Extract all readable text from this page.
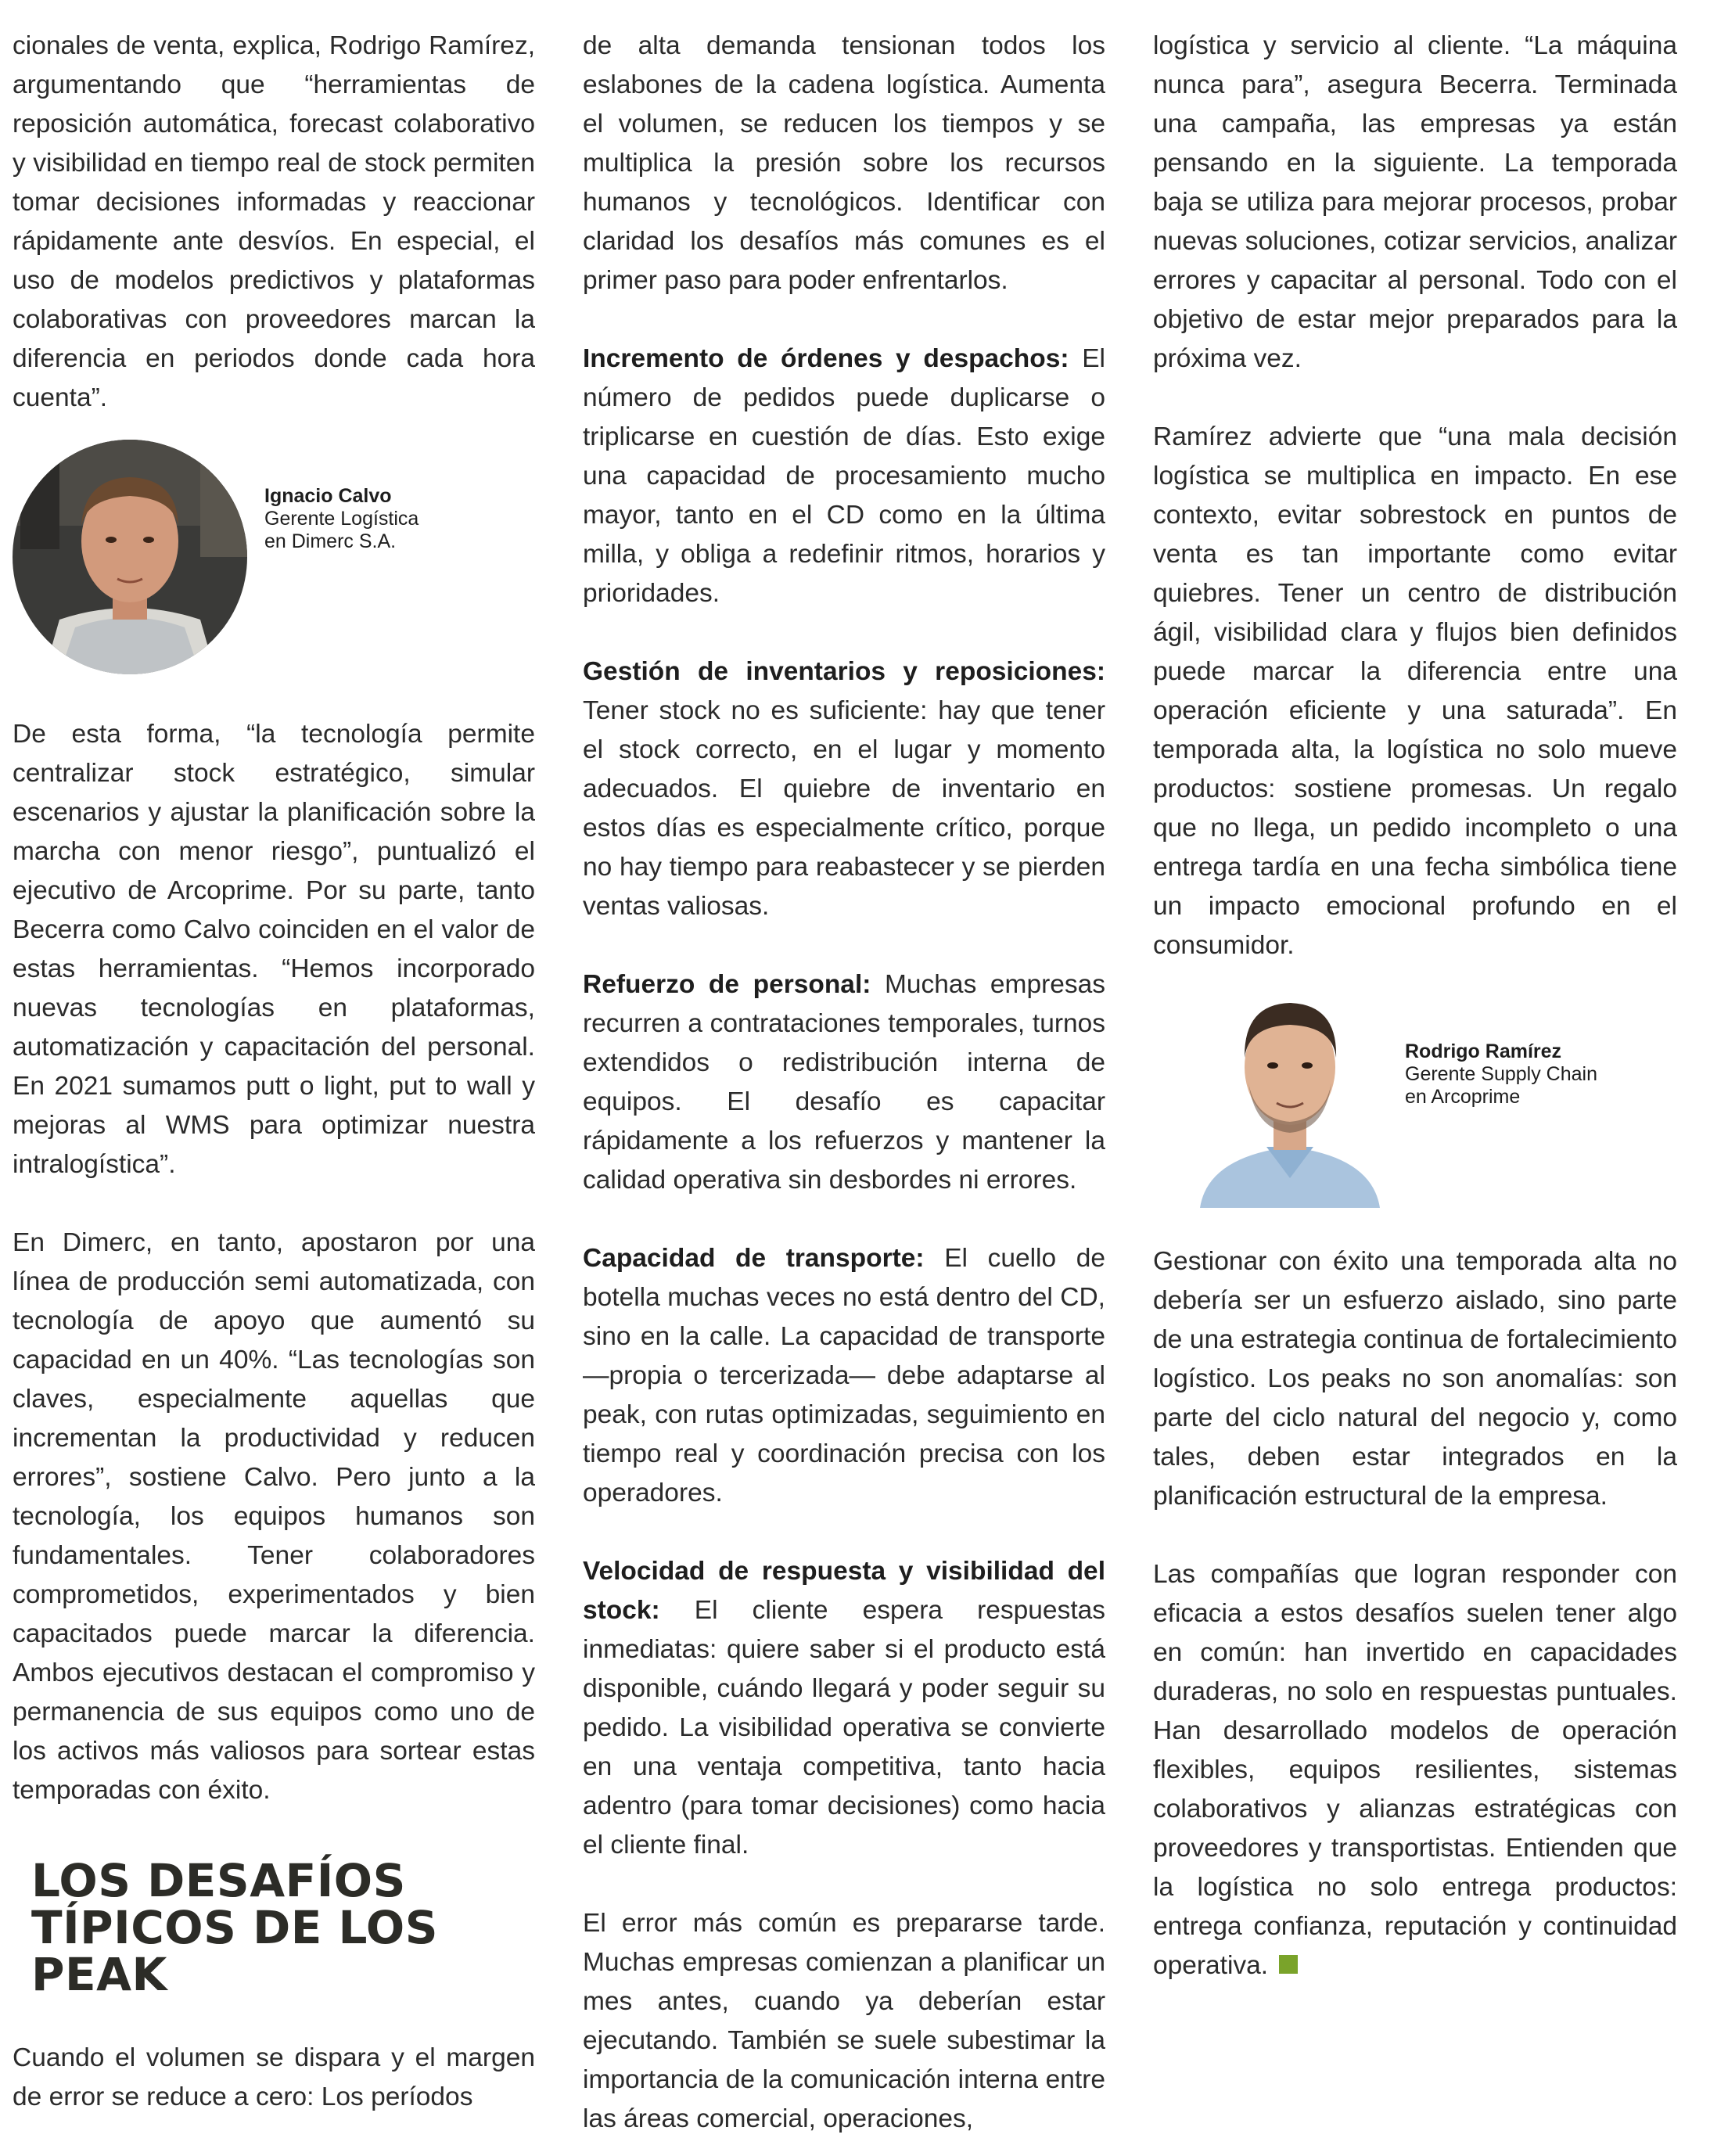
cionales de venta, explica, Rodrigo Ramírez, argumentando que “herramientas de reposición automática, forecast colaborativo y visibilidad en tiempo real de stock permiten tomar decisiones informadas y reaccionar rápidamente ante desvíos. En especial, el uso de modelos predictivos y plataformas colaborativas con proveedores marcan la diferencia en periodos donde cada hora cuenta”.

Ignacio Calvo
Gerente Logística
en Dimerc S.A.

De esta forma, “la tecnología permite centralizar stock estratégico, simular escenarios y ajustar la planificación sobre la marcha con menor riesgo”, puntualizó el ejecutivo de Arcoprime. Por su parte, tanto Becerra como Calvo coinciden en el valor de estas herramientas. “Hemos incorporado nuevas tecnologías en plataformas, automatización y capacitación del personal. En 2021 sumamos putt o light, put to wall y mejoras al WMS para optimizar nuestra intralogística”.

En Dimerc, en tanto, apostaron por una línea de producción semi automatizada, con tecnología de apoyo que aumentó su capacidad en un 40%. “Las tecnologías son claves, especialmente aquellas que incrementan la productividad y reducen errores”, sostiene Calvo. Pero junto a la tecnología, los equipos humanos son fundamentales. Tener colaboradores comprometidos, experimentados y bien capacitados puede marcar la diferencia. Ambos ejecutivos destacan el compromiso y permanencia de sus equipos como uno de los activos más valiosos para sortear estas temporadas con éxito.

LOS DESAFÍOS
TÍPICOS DE LOS
PEAK

Cuando el volumen se dispara y el margen de error se reduce a cero: Los períodos

de alta demanda tensionan todos los eslabones de la cadena logística. Aumenta el volumen, se reducen los tiempos y se multiplica la presión sobre los recursos humanos y tecnológicos. Identificar con claridad los desafíos más comunes es el primer paso para poder enfrentarlos.

Incremento de órdenes y despachos: El número de pedidos puede duplicarse o triplicarse en cuestión de días. Esto exige una capacidad de procesamiento mucho mayor, tanto en el CD como en la última milla, y obliga a redefinir ritmos, horarios y prioridades.

Gestión de inventarios y reposiciones: Tener stock no es suficiente: hay que tener el stock correcto, en el lugar y momento adecuados. El quiebre de inventario en estos días es especialmente crítico, porque no hay tiempo para reabastecer y se pierden ventas valiosas.

Refuerzo de personal: Muchas empresas recurren a contrataciones temporales, turnos extendidos o redistribución interna de equipos. El desafío es capacitar rápidamente a los refuerzos y mantener la calidad operativa sin desbordes ni errores.

Capacidad de transporte: El cuello de botella muchas veces no está dentro del CD, sino en la calle. La capacidad de transporte —propia o tercerizada— debe adaptarse al peak, con rutas optimizadas, seguimiento en tiempo real y coordinación precisa con los operadores.

Velocidad de respuesta y visibilidad del stock: El cliente espera respuestas inmediatas: quiere saber si el producto está disponible, cuándo llegará y poder seguir su pedido. La visibilidad operativa se convierte en una ventaja competitiva, tanto hacia adentro (para tomar decisiones) como hacia el cliente final.

El error más común es prepararse tarde. Muchas empresas comienzan a planificar un mes antes, cuando ya deberían estar ejecutando. También se suele subestimar la importancia de la comunicación interna entre las áreas comercial, operaciones,

logística y servicio al cliente. “La máquina nunca para”, asegura Becerra. Terminada una campaña, las empresas ya están pensando en la siguiente. La temporada baja se utiliza para mejorar procesos, probar nuevas soluciones, cotizar servicios, analizar errores y capacitar al personal. Todo con el objetivo de estar mejor preparados para la próxima vez.

Ramírez advierte que “una mala decisión logística se multiplica en impacto. En ese contexto, evitar sobrestock en puntos de venta es tan importante como evitar quiebres. Tener un centro de distribución ágil, visibilidad clara y flujos bien definidos puede marcar la diferencia entre una operación eficiente y una saturada”. En temporada alta, la logística no solo mueve productos: sostiene promesas. Un regalo que no llega, un pedido incompleto o una entrega tardía en una fecha simbólica tiene un impacto emocional profundo en el consumidor.

Rodrigo Ramírez
Gerente Supply Chain
en Arcoprime

Gestionar con éxito una temporada alta no debería ser un esfuerzo aislado, sino parte de una estrategia continua de fortalecimiento logístico. Los peaks no son anomalías: son parte del ciclo natural del negocio y, como tales, deben estar integrados en la planificación estructural de la empresa.

Las compañías que logran responder con eficacia a estos desafíos suelen tener algo en común: han invertido en capacidades duraderas, no solo en respuestas puntuales. Han desarrollado modelos de operación flexibles, equipos resilientes, sistemas colaborativos y alianzas estratégicas con proveedores y transportistas. Entienden que la logística no solo entrega productos: entrega confianza, reputación y continuidad operativa.
